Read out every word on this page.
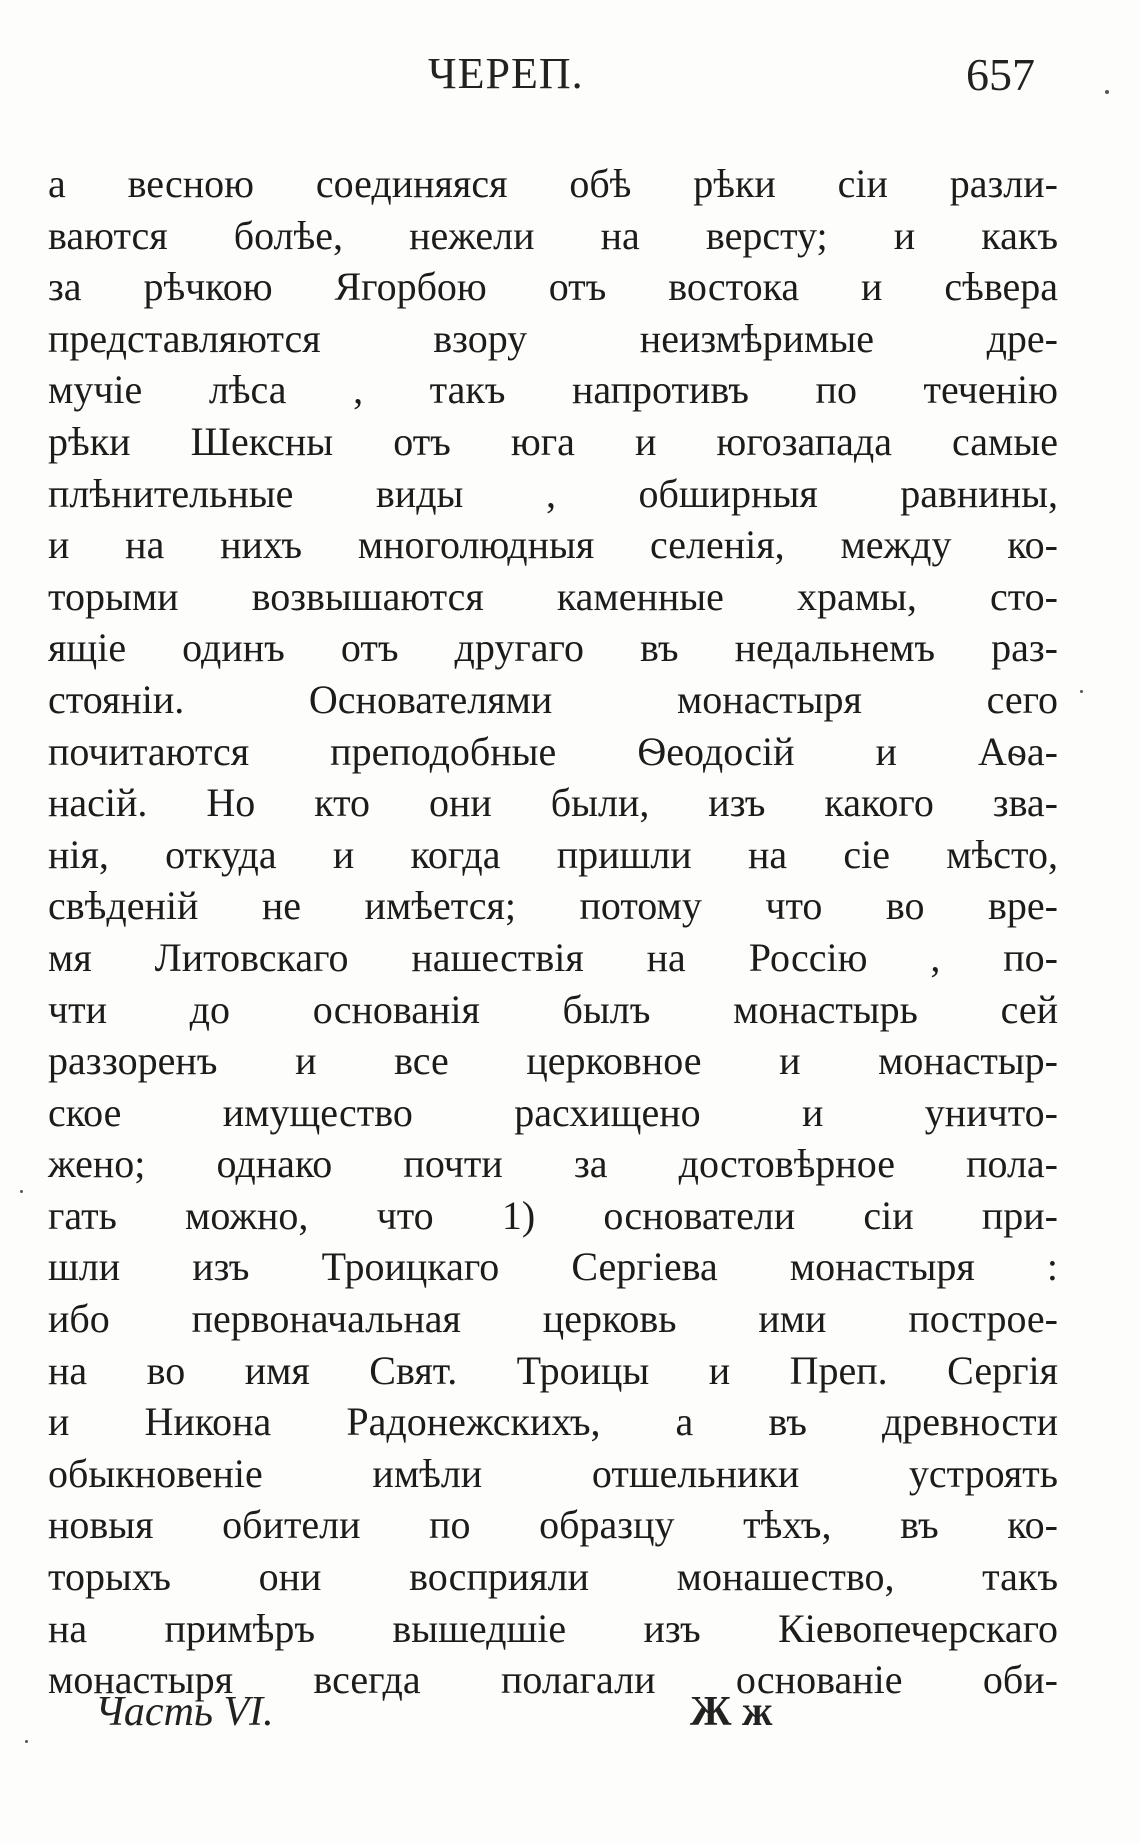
ЧЕРЕП.	657
а весною соединяяся обѣ рѣки сіи разли-
ваются болѣе, нежели на версту; и какъ
за рѣчкою Ягорбою отъ востока и сѣвера
представляются взору неизмѣримые дре-
мучіе лѣса , такъ напротивъ по теченію
рѣки Шексны отъ юга и югозапада самые
плѣнительные виды , обширныя равнины,
и на нихъ многолюдныя селенія, между ко-
торыми возвышаются каменные храмы, сто-
ящіе одинъ отъ другаго въ недальнемъ раз-
стояніи. Основателями монастыря сего
почитаются преподобные Ѳеодосій и Аѳа-
насій. Но кто они были, изъ какого зва-
нія, откуда и когда пришли на сіе мѣсто,
свѣденій не имѣется; потому что во вре-
мя Литовскаго нашествія на Россію , по-
чти до основанія былъ монастырь сей
раззоренъ и все церковное и монастыр-
ское имущество расхищено и уничто-
жено; однако почти за достовѣрное пола-
гать можно, что 1) основатели сіи при-
шли изъ Троицкаго Сергіева монастыря :
ибо первоначальная церковь ими построе-
на во имя Свят. Троицы и Преп. Сергія
и Никона Радонежскихъ, а въ древности
обыкновеніе имѣли отшельники устроять
новыя обители по образцу тѣхъ, въ ко-
торыхъ они восприяли монашество, такъ
на примѣръ вышедшіе изъ Кіевопечерскаго
монастыря всегда полагали основаніе оби-
Часть VI.	Ж ж
